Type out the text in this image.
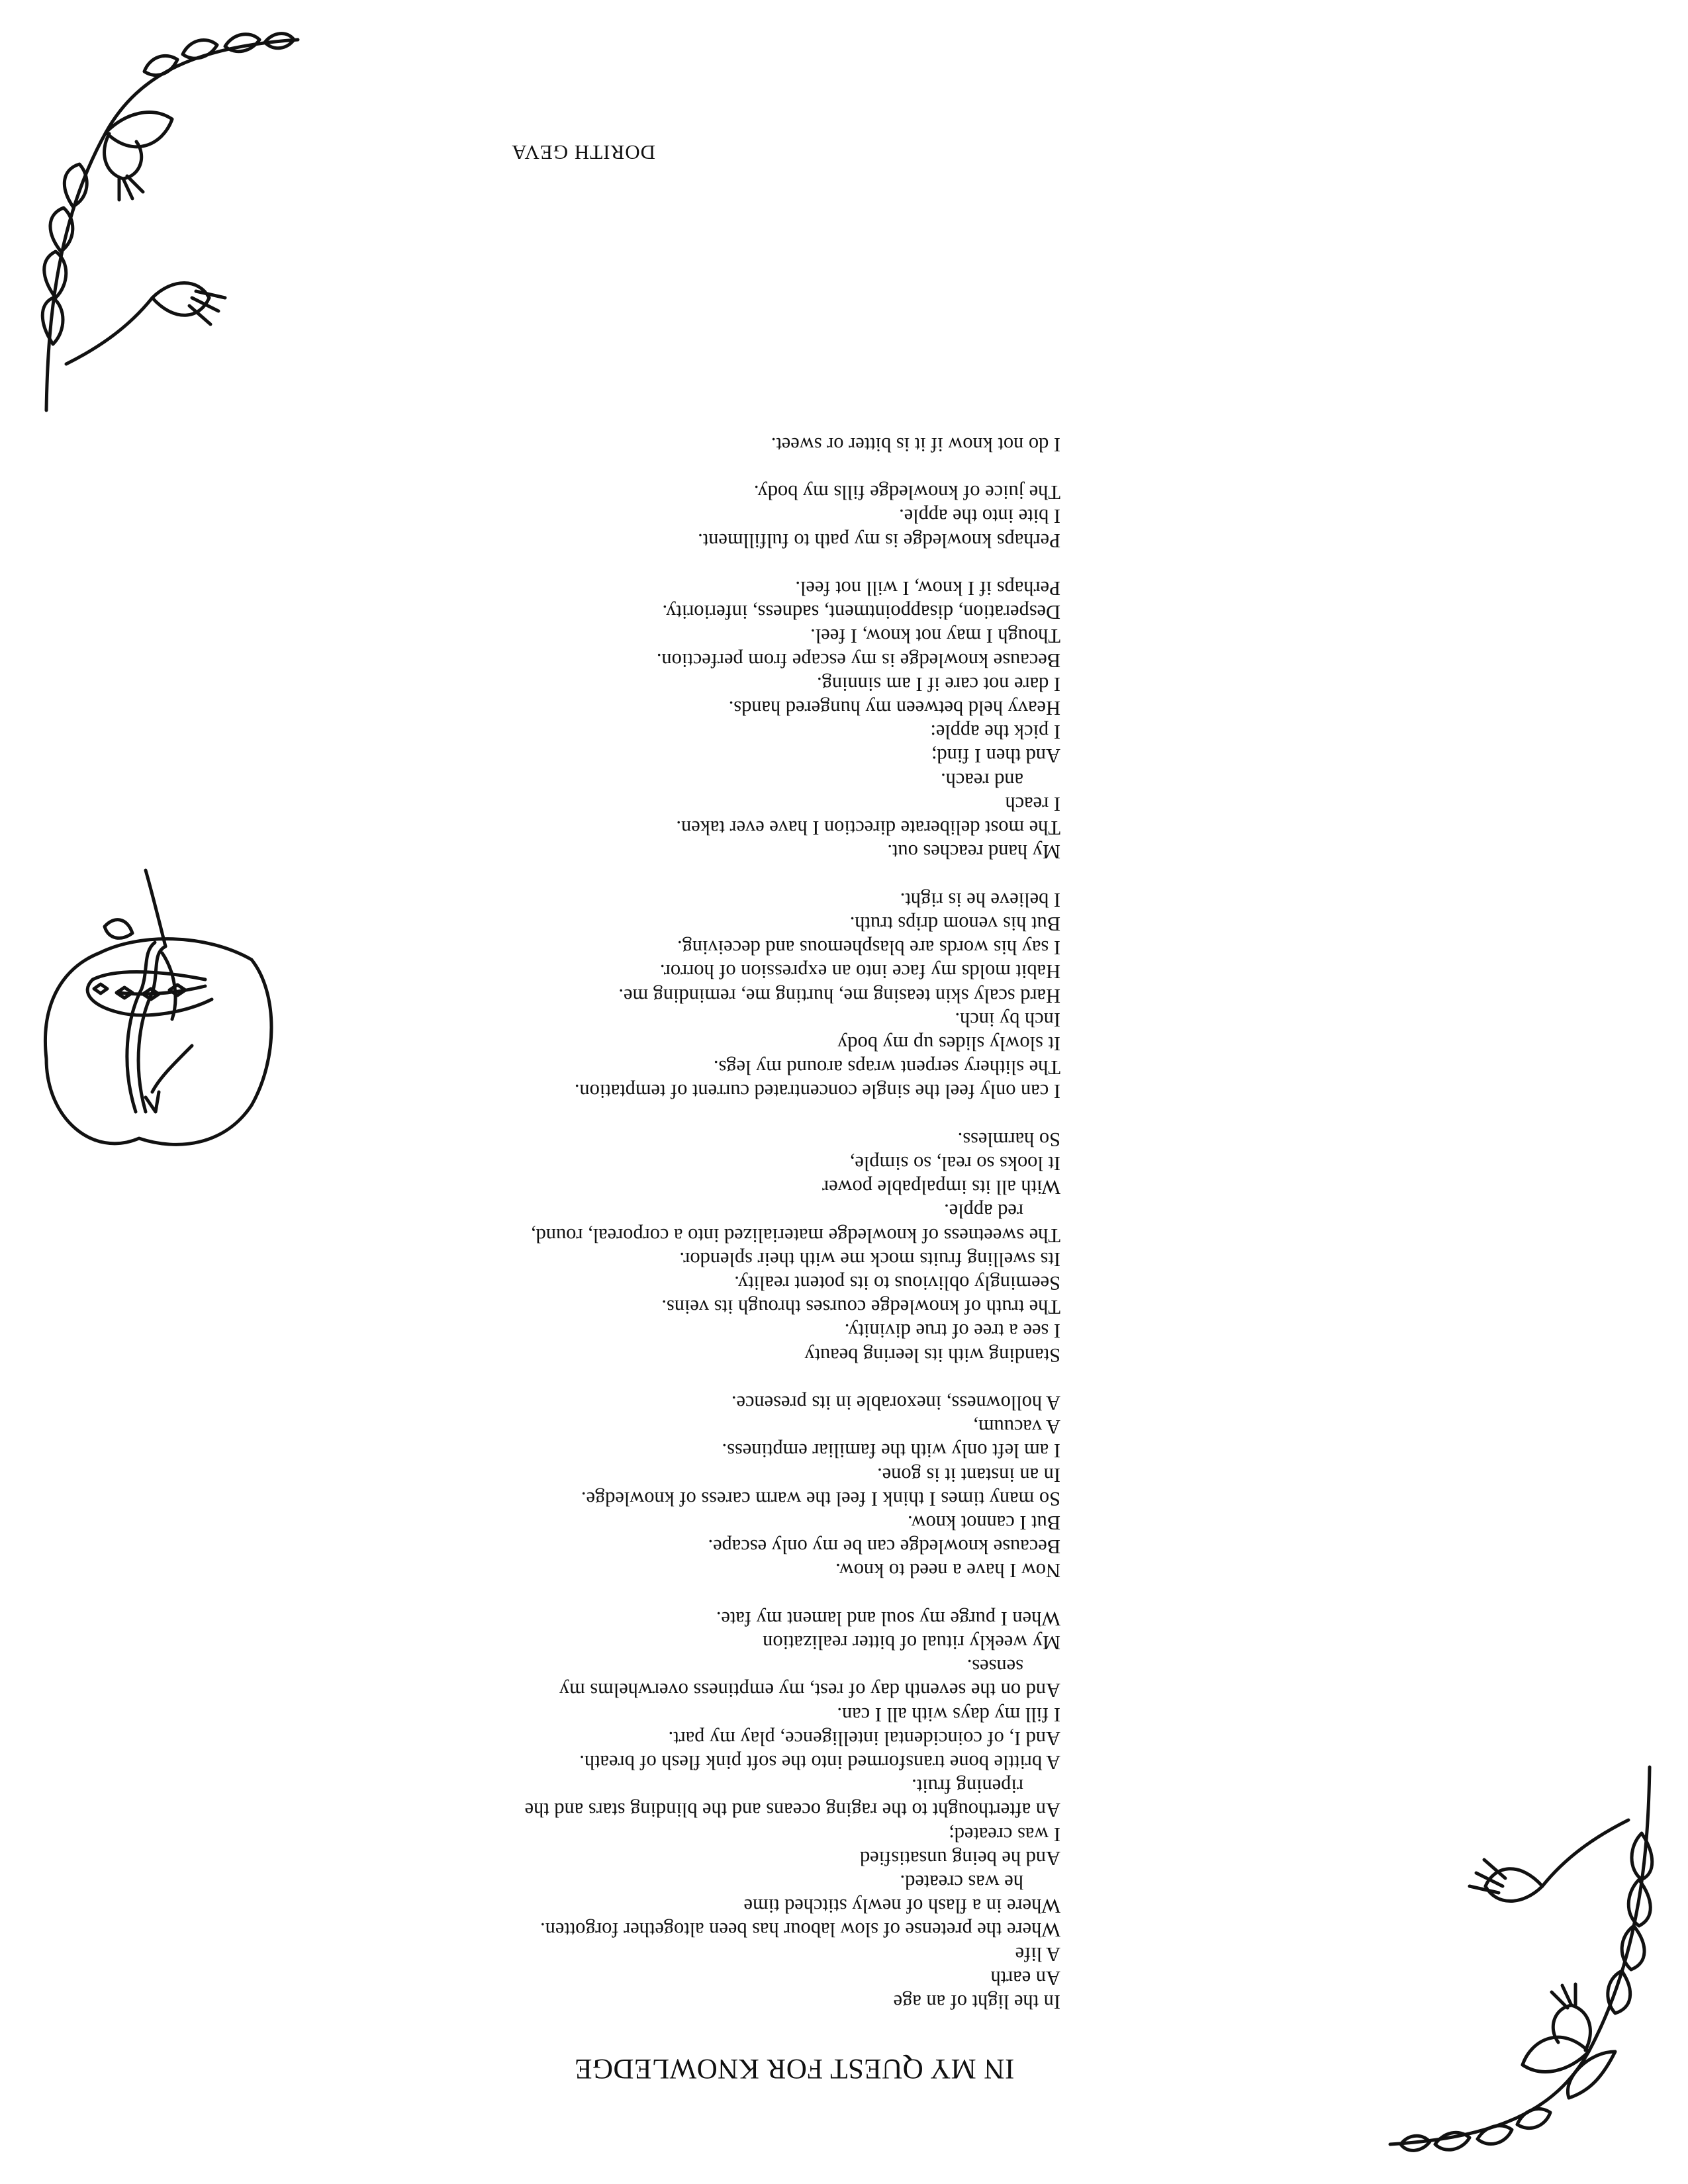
IN MY QUEST FOR KNOWLEDGE
In the light of an age
An earth
A life
Where the pretense of slow labour has been altogether forgotten.
Where in a flash of newly stitched time
he was created.
And he being unsatisfied
I was created;
An afterthought to the raging oceans and the blinding stars and the
ripening fruit.
A brittle bone transformed into the soft pink flesh of breath.
And I, of coincidental intelligence, play my part.
I fill my days with all I can.
And on the seventh day of rest, my emptiness overwhelms my
senses.
My weekly ritual of bitter realization
When I purge my soul and lament my fate.
Now I have a need to know.
Because knowledge can be my only escape.
But I cannot know.
So many times I think I feel the warm caress of knowledge.
In an instant it is gone.
I am left only with the familiar emptiness.
A vacuum,
A hollowness, inexorable in its presence.
Standing with its leering beauty
I see a tree of true divinity.
The truth of knowledge courses through its veins.
Seemingly oblivious to its potent reality.
Its swelling fruits mock me with their splendor.
The sweetness of knowledge materialized into a corporeal, round,
red apple.
With all its impalpable power
It looks so real, so simple,
So harmless.
I can only feel the single concentrated current of temptation.
The slithery serpent wraps around my legs.
It slowly slides up my body
Inch by inch.
Hard scaly skin teasing me, hurting me, reminding me.
Habit molds my face into an expression of horror.
I say his words are blasphemous and deceiving.
But his venom drips truth.
I believe he is right.
My hand reaches out.
The most deliberate direction I have ever taken.
I reach
and reach.
And then I find;
I pick the apple:
Heavy held between my hungered hands.
I dare not care if I am sinning.
Because knowledge is my escape from perfection.
Though I may not know, I feel.
Desperation, disappointment, sadness, inferiority.
Perhaps if I know, I will not feel.
Perhaps knowledge is my path to fulfillment.
I bite into the apple.
The juice of knowledge fills my body.
I do not know if it is bitter or sweet.

DORITH GEVA
